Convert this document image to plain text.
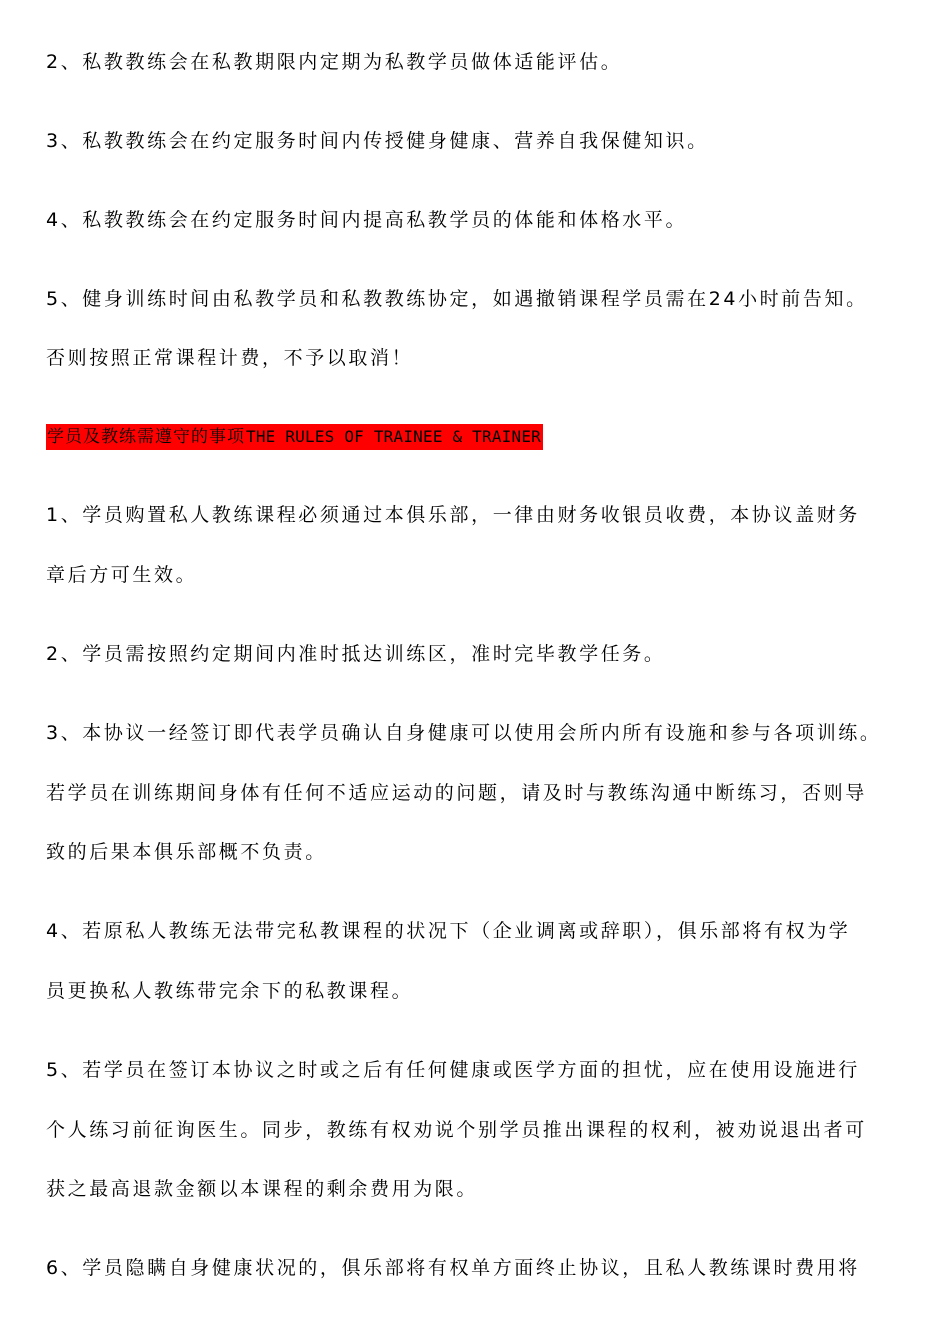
2、私教教练会在私教期限内定期为私教学员做体适能评估。
3、私教教练会在约定服务时间内传授健身健康、营养自我保健知识。
4、私教教练会在约定服务时间内提高私教学员的体能和体格水平。
5、健身训练时间由私教学员和私教教练协定，如遇撤销课程学员需在24小时前告知。
否则按照正常课程计费，不予以取消！
学员及教练需遵守的事项THE RULES OF TRAINEE & TRAINER
1、学员购置私人教练课程必须通过本俱乐部，一律由财务收银员收费，本协议盖财务
章后方可生效。
2、学员需按照约定期间内准时抵达训练区，准时完毕教学任务。
3、本协议一经签订即代表学员确认自身健康可以使用会所内所有设施和参与各项训练。
若学员在训练期间身体有任何不适应运动的问题，请及时与教练沟通中断练习，否则导
致的后果本俱乐部概不负责。
4、若原私人教练无法带完私教课程的状况下（企业调离或辞职），俱乐部将有权为学
员更换私人教练带完余下的私教课程。
5、若学员在签订本协议之时或之后有任何健康或医学方面的担忧，应在使用设施进行
个人练习前征询医生。同步，教练有权劝说个别学员推出课程的权利，被劝说退出者可
获之最高退款金额以本课程的剩余费用为限。
6、学员隐瞒自身健康状况的，俱乐部将有权单方面终止协议，且私人教练课时费用将
